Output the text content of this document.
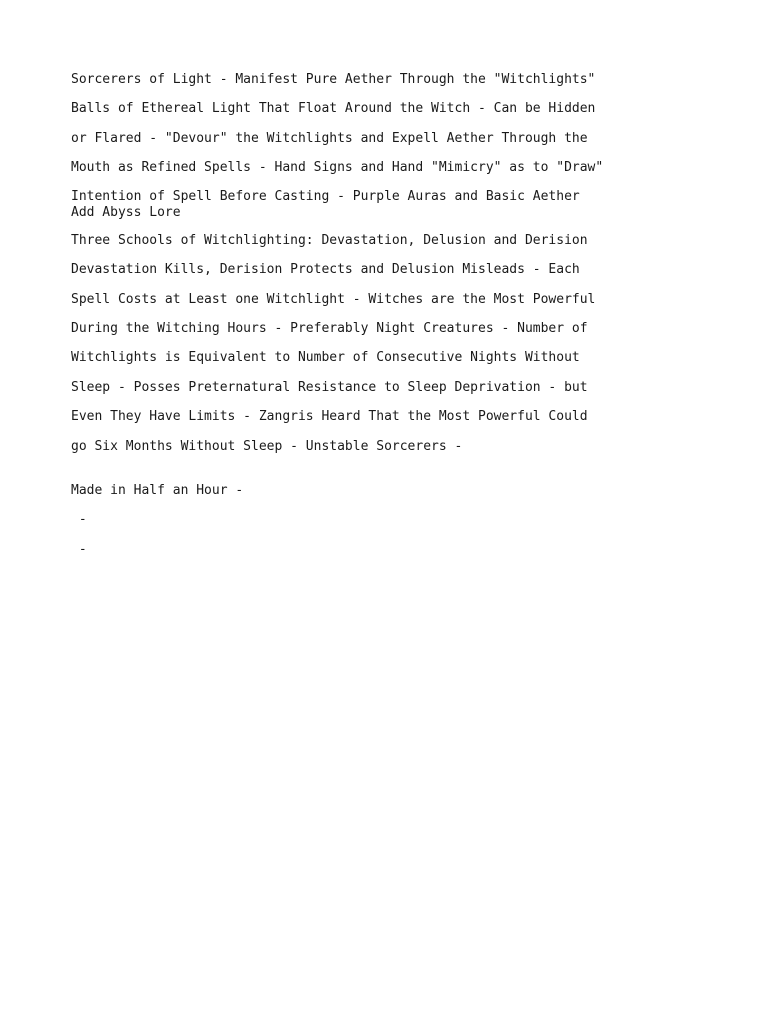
Sorcerers of Light - Manifest Pure Aether Through the "Witchlights"

Balls of Ethereal Light That Float Around the Witch - Can be Hidden

or Flared - "Devour" the Witchlights and Expell Aether Through the

Mouth as Refined Spells - Hand Signs and Hand "Mimicry" as to "Draw"

Intention of Spell Before Casting - Purple Auras and Basic Aether

Add Abyss Lore

Three Schools of Witchlighting: Devastation, Delusion and Derision

Devastation Kills, Derision Protects and Delusion Misleads - Each

Spell Costs at Least one Witchlight - Witches are the Most Powerful

During the Witching Hours - Preferably Night Creatures - Number of

Witchlights is Equivalent to Number of Consecutive Nights Without

Sleep - Posses Preternatural Resistance to Sleep Deprivation - but

Even They Have Limits - Zangris Heard That the Most Powerful Could

go Six Months Without Sleep - Unstable Sorcerers -

Made in Half an Hour -

-

-
